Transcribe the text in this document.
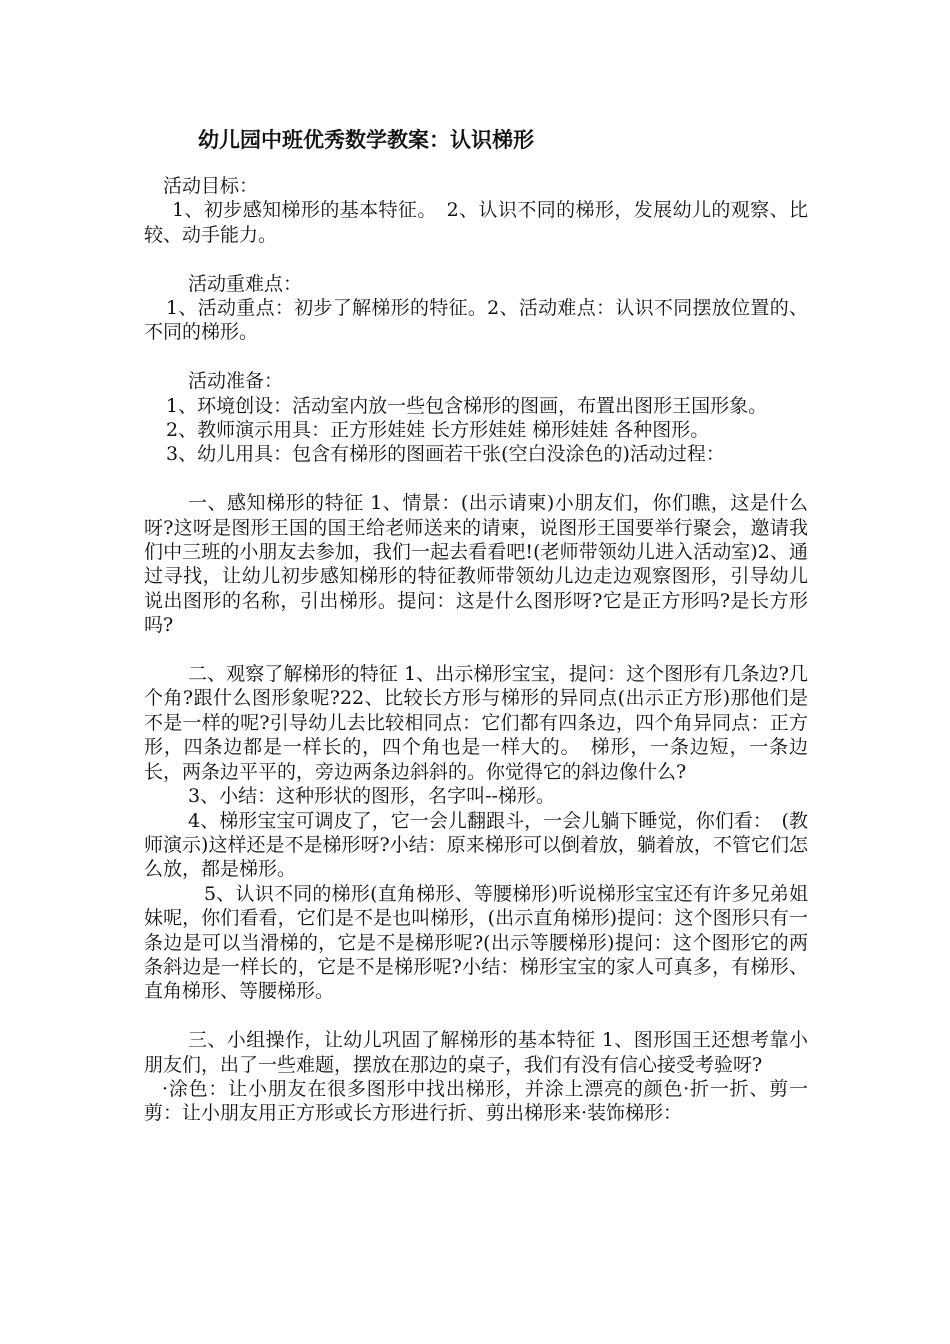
幼儿园中班优秀数学教案：认识梯形

活动目标：

1、初步感知梯形的基本特征。　2、认识不同的梯形，发展幼儿的观察、比较、动手能力。

活动重难点：

1、活动重点：初步了解梯形的特征。2、活动难点：认识不同摆放位置的、不同的梯形。

活动准备：

1、环境创设：活动室内放一些包含梯形的图画，布置出图形王国形象。

2、教师演示用具：正方形娃娃 长方形娃娃 梯形娃娃 各种图形。

3、幼儿用具：包含有梯形的图画若干张(空白没涂色的)活动过程：

一、感知梯形的特征 1、情景：(出示请柬)小朋友们，你们瞧，这是什么呀?这呀是图形王国的国王给老师送来的请柬，说图形王国要举行聚会，邀请我们中三班的小朋友去参加，我们一起去看看吧!(老师带领幼儿进入活动室)2、通过寻找，让幼儿初步感知梯形的特征教师带领幼儿边走边观察图形，引导幼儿说出图形的名称，引出梯形。提问：这是什么图形呀?它是正方形吗?是长方形吗?

二、观察了解梯形的特征 1、出示梯形宝宝，提问：这个图形有几条边?几个角?跟什么图形象呢?22、比较长方形与梯形的异同点(出示正方形)那他们是不是一样的呢?引导幼儿去比较相同点：它们都有四条边，四个角异同点：正方形，四条边都是一样长的，四个角也是一样大的。　梯形，一条边短，一条边长，两条边平平的，旁边两条边斜斜的。你觉得它的斜边像什么?

3、小结：这种形状的图形，名字叫--梯形。

4、梯形宝宝可调皮了，它一会儿翻跟斗，一会儿躺下睡觉，你们看：　(教师演示)这样还是不是梯形呀?小结：原来梯形可以倒着放，躺着放，不管它们怎么放，都是梯形。

5、认识不同的梯形(直角梯形、等腰梯形)听说梯形宝宝还有许多兄弟姐妹呢，你们看看，它们是不是也叫梯形，(出示直角梯形)提问：这个图形只有一条边是可以当滑梯的，它是不是梯形呢?(出示等腰梯形)提问：这个图形它的两条斜边是一样长的，它是不是梯形呢?小结：梯形宝宝的家人可真多，有梯形、直角梯形、等腰梯形。

三、小组操作，让幼儿巩固了解梯形的基本特征 1、图形国王还想考靠小朋友们，出了一些难题，摆放在那边的桌子，我们有没有信心接受考验呀?

·涂色：让小朋友在很多图形中找出梯形，并涂上漂亮的颜色·折一折、剪一剪：让小朋友用正方形或长方形进行折、剪出梯形来·装饰梯形：
